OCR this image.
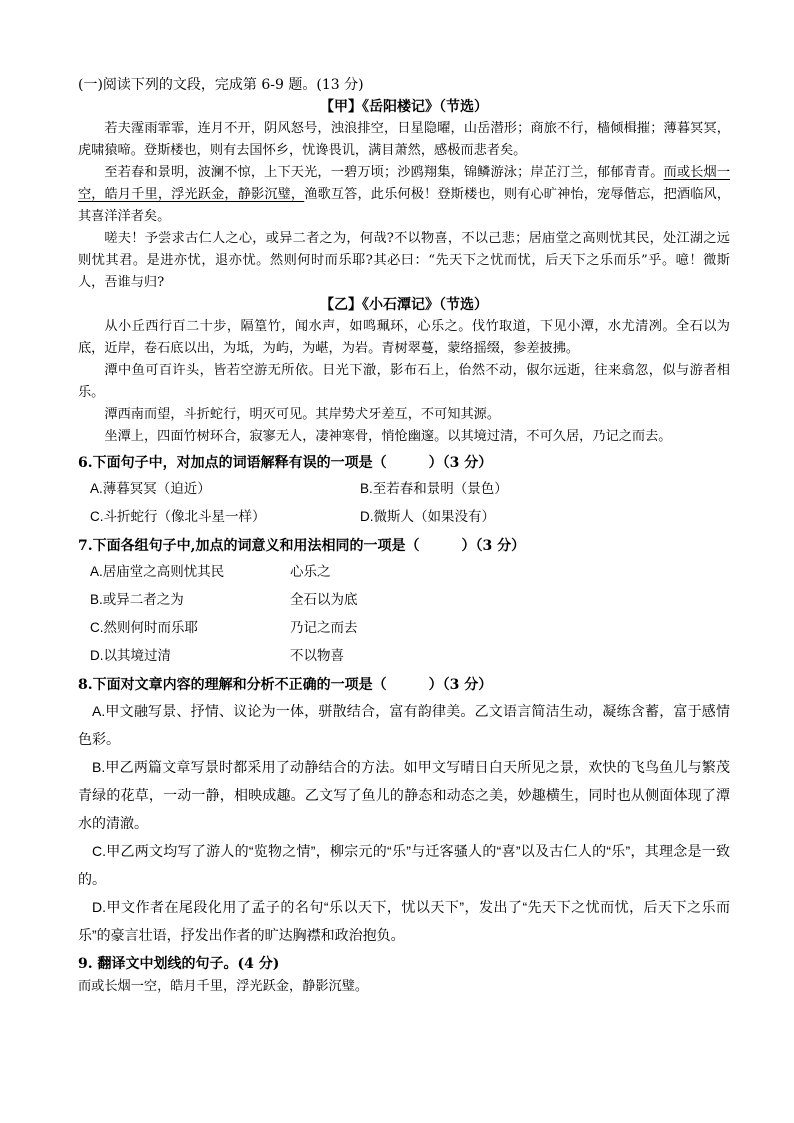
(一)阅读下列的文段，完成第 6-9 题。(13 分)

【甲】《岳阳楼记》（节选）

若夫霪雨霏霏，连月不开，阴风怒号，浊浪排空，日星隐曜，山岳潜形；商旅不行，樯倾楫摧；薄暮冥冥，虎啸猿啼。登斯楼也，则有去国怀乡，忧谗畏讥，满目萧然，感极而悲者矣。

至若春和景明，波澜不惊，上下天光，一碧万顷；沙鸥翔集，锦鳞游泳；岸芷汀兰，郁郁青青。而或长烟一空，皓月千里，浮光跃金，静影沉璧，渔歌互答，此乐何极！登斯楼也，则有心旷神怡，宠辱偕忘，把酒临风，其喜洋洋者矣。

嗟夫！予尝求古仁人之心，或异二者之为，何哉?不以物喜，不以己悲；居庙堂之高则忧其民，处江湖之远则忧其君。是进亦忧，退亦忧。然则何时而乐耶?其必曰：“先天下之忧而忧，后天下之乐而乐”乎。噫！微斯人，吾谁与归?

【乙】《小石潭记》（节选）

从小丘西行百二十步，隔篁竹，闻水声，如鸣珮环，心乐之。伐竹取道，下见小潭，水尤清冽。全石以为底，近岸，卷石底以出，为坻，为屿，为嵁，为岩。青树翠蔓，蒙络摇缀，参差披拂。

潭中鱼可百许头，皆若空游无所依。日光下澈，影布石上，佁然不动，俶尔远逝，往来翕忽，似与游者相乐。

潭西南而望，斗折蛇行，明灭可见。其岸势犬牙差互，不可知其源。

坐潭上，四面竹树环合，寂寥无人，凄神寒骨，悄怆幽邃。以其境过清，不可久居，乃记之而去。

6.下面句子中，对加点的词语解释有误的一项是（　　　）（3 分）

A.薄暮冥冥（迫近）	B.至若春和景明（景色）
C.斗折蛇行（像北斗星一样）	D.微斯人（如果没有）

7.下面各组句子中,加点的词意义和用法相同的一项是（　　　）（3 分）

A.居庙堂之高则忧其民	心乐之
B.或异二者之为	全石以为底
C.然则何时而乐耶	乃记之而去
D.以其境过清	不以物喜

8.下面对文章内容的理解和分析不正确的一项是（　　　）（3 分）

A.甲文融写景、抒情、议论为一体，骈散结合，富有韵律美。乙文语言简洁生动，凝练含蓄，富于感情色彩。

B.甲乙两篇文章写景时都采用了动静结合的方法。如甲文写晴日白天所见之景，欢快的飞鸟鱼儿与繁茂青绿的花草，一动一静，相映成趣。乙文写了鱼儿的静态和动态之美，妙趣横生，同时也从侧面体现了潭水的清澈。

C.甲乙两文均写了游人的“览物之情”，柳宗元的“乐”与迁客骚人的“喜”以及古仁人的“乐”，其理念是一致的。

D.甲文作者在尾段化用了孟子的名句“乐以天下，忧以天下”，发出了“先天下之忧而忧，后天下之乐而乐”的豪言壮语，抒发出作者的旷达胸襟和政治抱负。

9. 翻译文中划线的句子。(4 分)

而或长烟一空，皓月千里，浮光跃金，静影沉璧。
